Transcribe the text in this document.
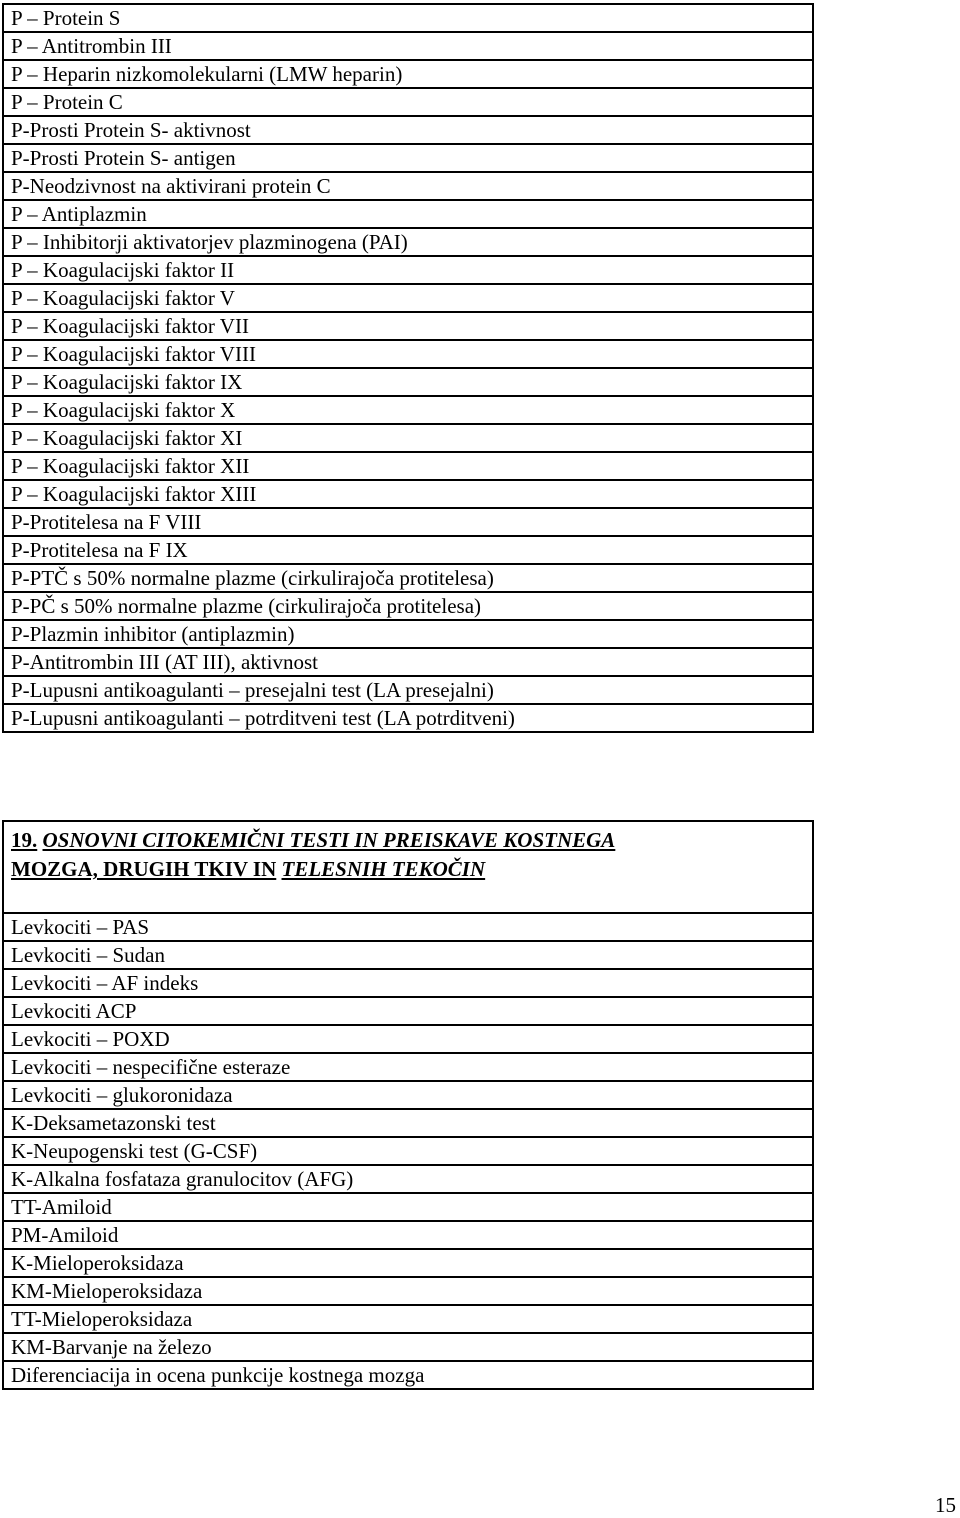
P – Protein S
P – Antitrombin III
P – Heparin nizkomolekularni (LMW heparin)
P – Protein C
P-Prosti Protein S- aktivnost
P-Prosti Protein S- antigen
P-Neodzivnost na aktivirani protein C
P – Antiplazmin
P – Inhibitorji aktivatorjev plazminogena (PAI)
P – Koagulacijski faktor II
P – Koagulacijski faktor V
P – Koagulacijski faktor VII
P – Koagulacijski faktor VIII
P – Koagulacijski faktor IX
P – Koagulacijski faktor X
P – Koagulacijski faktor XI
P – Koagulacijski faktor XII
P – Koagulacijski faktor XIII
P-Protitelesa na F VIII
P-Protitelesa na F IX
P-PTČ s 50% normalne plazme (cirkulirajoča protitelesa)
P-PČ s 50% normalne plazme (cirkulirajoča protitelesa)
P-Plazmin inhibitor (antiplazmin)
P-Antitrombin III (AT III), aktivnost
P-Lupusni antikoagulanti – presejalni test (LA presejalni)
P-Lupusni antikoagulanti – potrditveni test (LA potrditveni)
19. OSNOVNI CITOKEMIČNI TESTI IN PREISKAVE KOSTNEGA
MOZGA, DRUGIH TKIV IN TELESNIH TEKOČIN
Levkociti – PAS
Levkociti – Sudan
Levkociti – AF indeks
Levkociti ACP
Levkociti – POXD
Levkociti – nespecifične esteraze
Levkociti – glukoronidaza
K-Deksametazonski test
K-Neupogenski test (G-CSF)
K-Alkalna fosfataza granulocitov (AFG)
TT-Amiloid
PM-Amiloid
K-Mieloperoksidaza
KM-Mieloperoksidaza
TT-Mieloperoksidaza
KM-Barvanje na železo
Diferenciacija in ocena punkcije kostnega mozga
15
